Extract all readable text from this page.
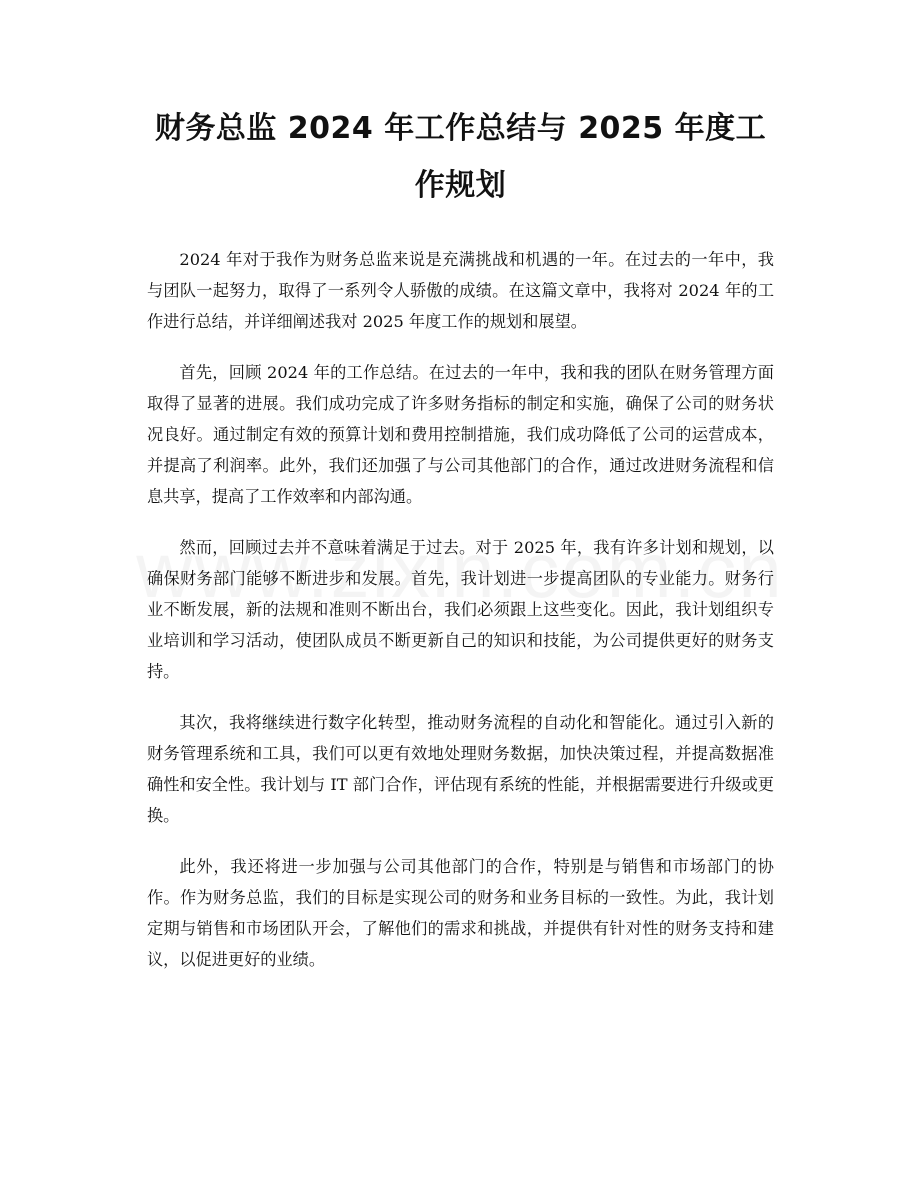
财务总监 2024 年工作总结与 2025 年度工作规划

2024 年对于我作为财务总监来说是充满挑战和机遇的一年。在过去的一年中，我与团队一起努力，取得了一系列令人骄傲的成绩。在这篇文章中，我将对 2024 年的工作进行总结，并详细阐述我对 2025 年度工作的规划和展望。

首先，回顾 2024 年的工作总结。在过去的一年中，我和我的团队在财务管理方面取得了显著的进展。我们成功完成了许多财务指标的制定和实施，确保了公司的财务状况良好。通过制定有效的预算计划和费用控制措施，我们成功降低了公司的运营成本，并提高了利润率。此外，我们还加强了与公司其他部门的合作，通过改进财务流程和信息共享，提高了工作效率和内部沟通。

然而，回顾过去并不意味着满足于过去。对于 2025 年，我有许多计划和规划，以确保财务部门能够不断进步和发展。首先，我计划进一步提高团队的专业能力。财务行业不断发展，新的法规和准则不断出台，我们必须跟上这些变化。因此，我计划组织专业培训和学习活动，使团队成员不断更新自己的知识和技能，为公司提供更好的财务支持。

其次，我将继续进行数字化转型，推动财务流程的自动化和智能化。通过引入新的财务管理系统和工具，我们可以更有效地处理财务数据，加快决策过程，并提高数据准确性和安全性。我计划与 IT 部门合作，评估现有系统的性能，并根据需要进行升级或更换。

此外，我还将进一步加强与公司其他部门的合作，特别是与销售和市场部门的协作。作为财务总监，我们的目标是实现公司的财务和业务目标的一致性。为此，我计划定期与销售和市场团队开会，了解他们的需求和挑战，并提供有针对性的财务支持和建议，以促进更好的业绩。
